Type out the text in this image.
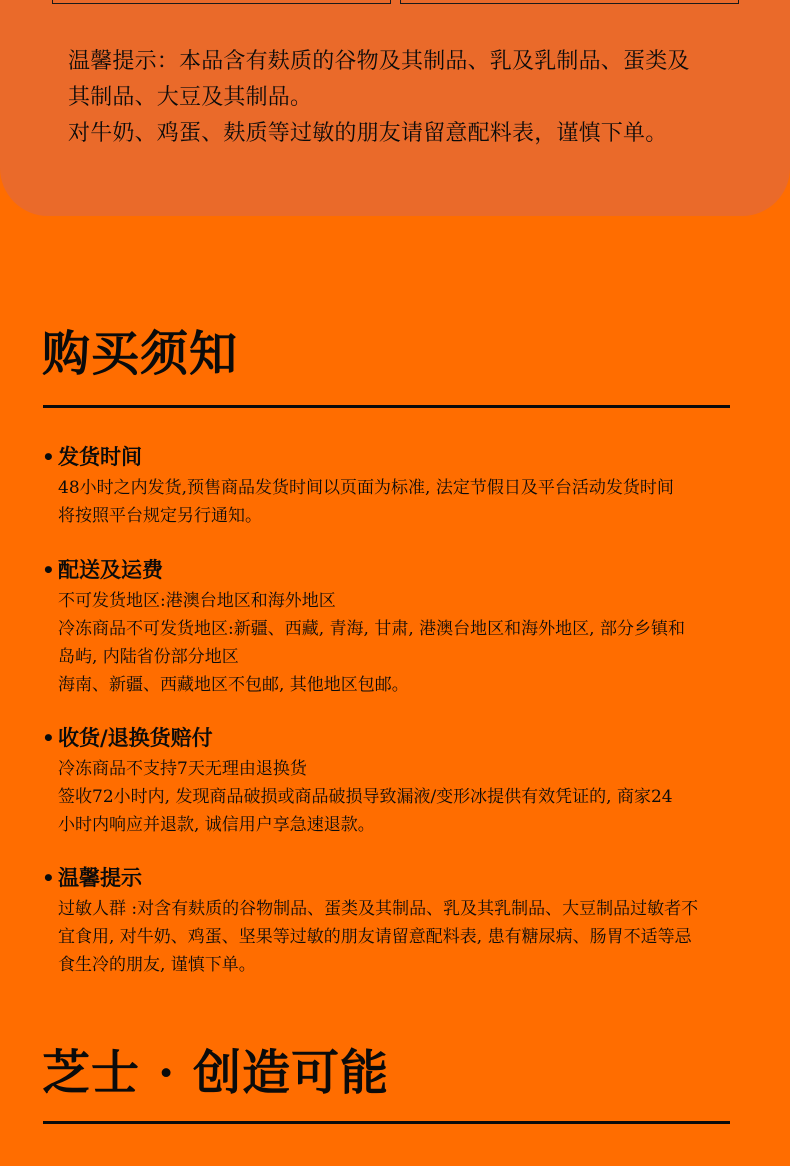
温馨提示：本品含有麸质的谷物及其制品、乳及乳制品、蛋类及
其制品、大豆及其制品。
对牛奶、鸡蛋、麸质等过敏的朋友请留意配料表，谨慎下单。
购买须知
• 发货时间
48小时之内发货,预售商品发货时间以页面为标准, 法定节假日及平台活动发货时间
将按照平台规定另行通知。
• 配送及运费
不可发货地区:港澳台地区和海外地区
冷冻商品不可发货地区:新疆、西藏, 青海, 甘肃, 港澳台地区和海外地区, 部分乡镇和
岛屿, 内陆省份部分地区
海南、新疆、西藏地区不包邮, 其他地区包邮。
• 收货/退换货赔付
冷冻商品不支持7天无理由退换货
签收72小时内, 发现商品破损或商品破损导致漏液/变形冰提供有效凭证的, 商家24
小时内响应并退款, 诚信用户享急速退款。
• 温馨提示
过敏人群 :对含有麸质的谷物制品、蛋类及其制品、乳及其乳制品、大豆制品过敏者不
宜食用, 对牛奶、鸡蛋、坚果等过敏的朋友请留意配料表, 患有糖尿病、肠胃不适等忌
食生冷的朋友, 谨慎下单。
芝士 · 创造可能
